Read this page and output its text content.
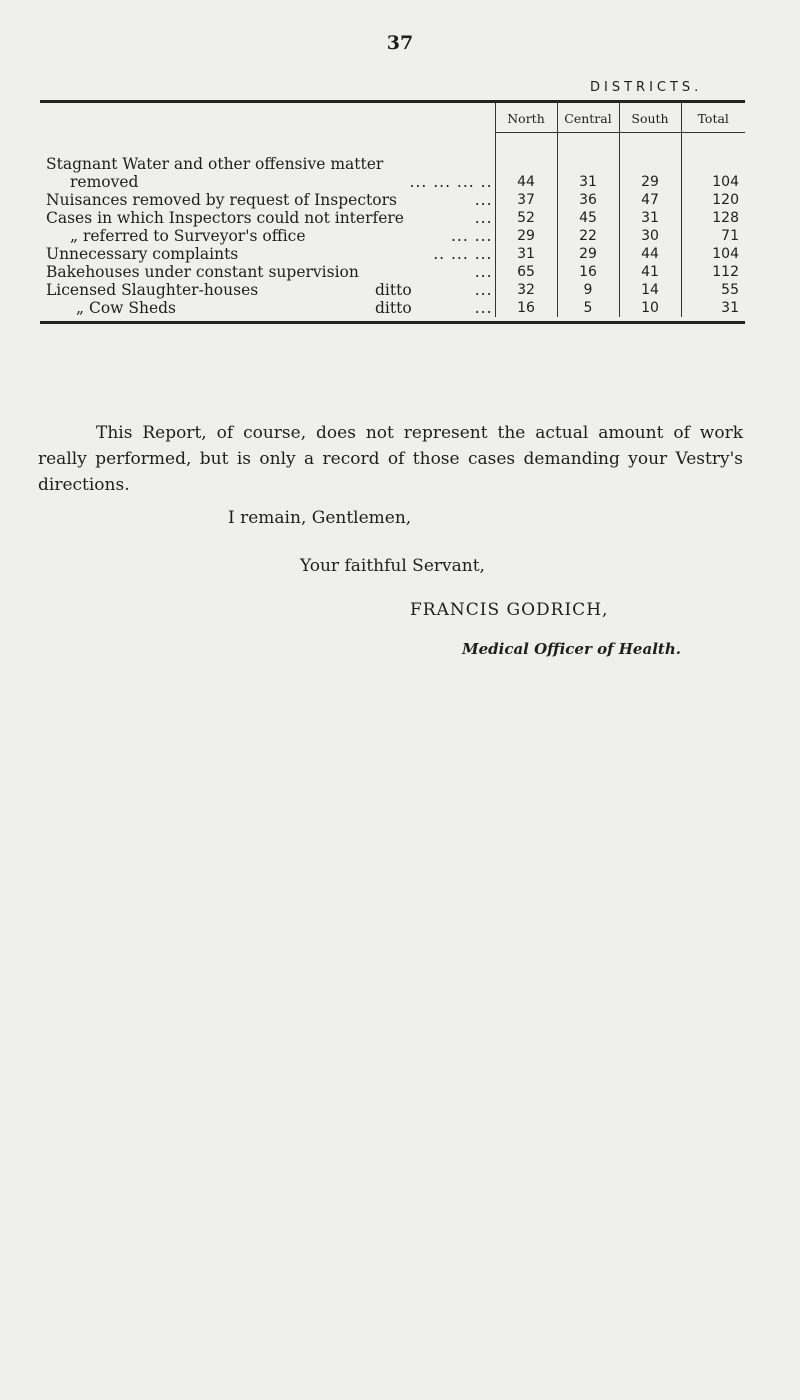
37
DISTRICTS.
	North	Central	South	Total

Stagnant Water and other offensive matter				
removed ... ... ... ..	44	31	29	104
Nuisances removed by request of Inspectors ...	37	36	47	120
Cases in which Inspectors could not interfere ...	52	45	31	128
„ referred to Surveyor's office ... ...	29	22	30	71
Unnecessary complaints .. ... ...	31	29	44	104
Bakehouses under constant supervision ...	65	16	41	112
Licensed Slaughter-houses ditto ...	32	9	14	55
„ Cow Sheds ditto ...	16	5	10	31
This Report, of course, does not represent the actual amount of work really performed, but is only a record of those cases demanding your Vestry's directions.
I remain, Gentlemen,
Your faithful Servant,
FRANCIS GODRICH,
Medical Officer of Health.
